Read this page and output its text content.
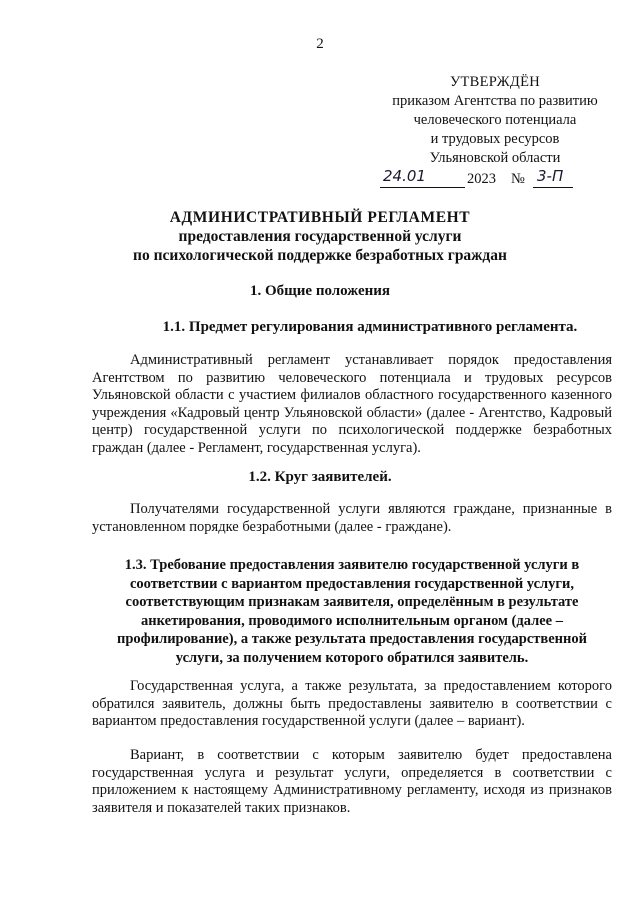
2
УТВЕРЖДЁН
приказом Агентства по развитию
человеческого потенциала
и трудовых ресурсов
Ульяновской области
24.01	2023 № 3-П
АДМИНИСТРАТИВНЫЙ РЕГЛАМЕНТ
предоставления государственной услуги
по психологической поддержке безработных граждан
1. Общие положения
1.1. Предмет регулирования административного регламента.
Административный регламент устанавливает порядок предоставления Агентством по развитию человеческого потенциала и трудовых ресурсов Ульяновской области с участием филиалов областного государственного казенного учреждения «Кадровый центр Ульяновской области» (далее - Агентство, Кадровый центр) государственной услуги по психологической поддержке безработных граждан (далее - Регламент, государственная услуга).
1.2. Круг заявителей.
Получателями государственной услуги являются граждане, признанные в установленном порядке безработными (далее - граждане).
1.3. Требование предоставления заявителю государственной услуги в соответствии с вариантом предоставления государственной услуги, соответствующим признакам заявителя, определённым в результате анкетирования, проводимого исполнительным органом (далее – профилирование), а также результата предоставления государственной услуги, за получением которого обратился заявитель.
Государственная услуга, а также результата, за предоставлением которого обратился заявитель, должны быть предоставлены заявителю в соответствии с вариантом предоставления государственной услуги (далее – вариант).
Вариант, в соответствии с которым заявителю будет предоставлена государственная услуга и результат услуги, определяется в соответствии с приложением к настоящему Административному регламенту, исходя из признаков заявителя и показателей таких признаков.
